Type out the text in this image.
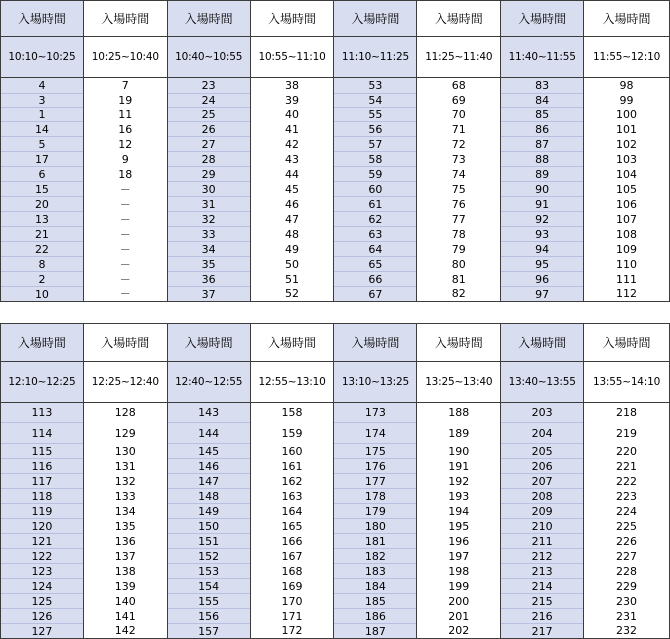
入場時間	入場時間	入場時間	入場時間	入場時間	入場時間	入場時間	入場時間
10:10~10:25	10:25~10:40	10:40~10:55	10:55~11:10	11:10~11:25	11:25~11:40	11:40~11:55	11:55~12:10
4	7	23	38	53	68	83	98
3	19	24	39	54	69	84	99
1	11	25	40	55	70	85	100
14	16	26	41	56	71	86	101
5	12	27	42	57	72	87	102
17	9	28	43	58	73	88	103
6	18	29	44	59	74	89	104
15	－	30	45	60	75	90	105
20	－	31	46	61	76	91	106
13	－	32	47	62	77	92	107
21	－	33	48	63	78	93	108
22	－	34	49	64	79	94	109
8	－	35	50	65	80	95	110
2	－	36	51	66	81	96	111
10	－	37	52	67	82	97	112
入場時間	入場時間	入場時間	入場時間	入場時間	入場時間	入場時間	入場時間
12:10~12:25	12:25~12:40	12:40~12:55	12:55~13:10	13:10~13:25	13:25~13:40	13:40~13:55	13:55~14:10
113	128	143	158	173	188	203	218
114	129	144	159	174	189	204	219
115	130	145	160	175	190	205	220
116	131	146	161	176	191	206	221
117	132	147	162	177	192	207	222
118	133	148	163	178	193	208	223
119	134	149	164	179	194	209	224
120	135	150	165	180	195	210	225
121	136	151	166	181	196	211	226
122	137	152	167	182	197	212	227
123	138	153	168	183	198	213	228
124	139	154	169	184	199	214	229
125	140	155	170	185	200	215	230
126	141	156	171	186	201	216	231
127	142	157	172	187	202	217	232
